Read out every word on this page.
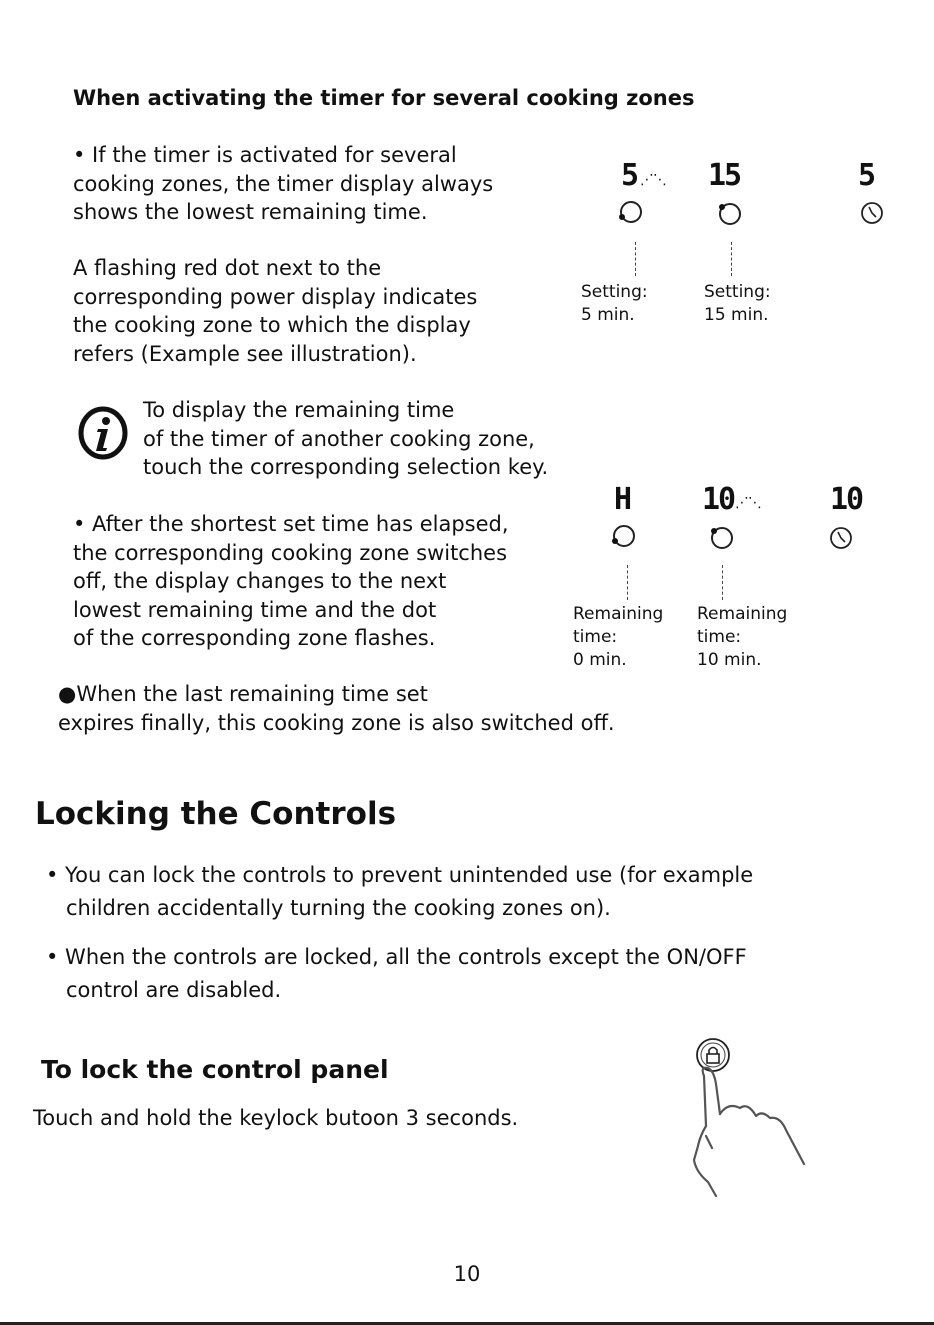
When activating the timer for several cooking zones
• If the timer is activated for several
cooking zones, the timer display always
shows the lowest remaining time.
A flashing red dot next to the
corresponding power display indicates
the cooking zone to which the display
refers (Example see illustration).
To display the remaining time
of the timer of another cooking zone,
touch the corresponding selection key.
• After the shortest set time has elapsed,
the corresponding cooking zone switches
off, the display changes to the next
lowest remaining time and the dot
of the corresponding zone flashes.
●When the last remaining time set
expires finally, this cooking zone is also switched off.
5 ⋰⋱ 15	5
Setting:
5 min.
Setting:
15 min.
H 10 ⋰⋱ 10
Remaining
time:
0 min.
Remaining
time:
10 min.
Locking the Controls
• You can lock the controls to prevent unintended use (for example
children accidentally turning the cooking zones on).
• When the controls are locked, all the controls except the ON/OFF
control are disabled.
To lock the control panel
Touch and hold the keylock butoon 3 seconds.
10
